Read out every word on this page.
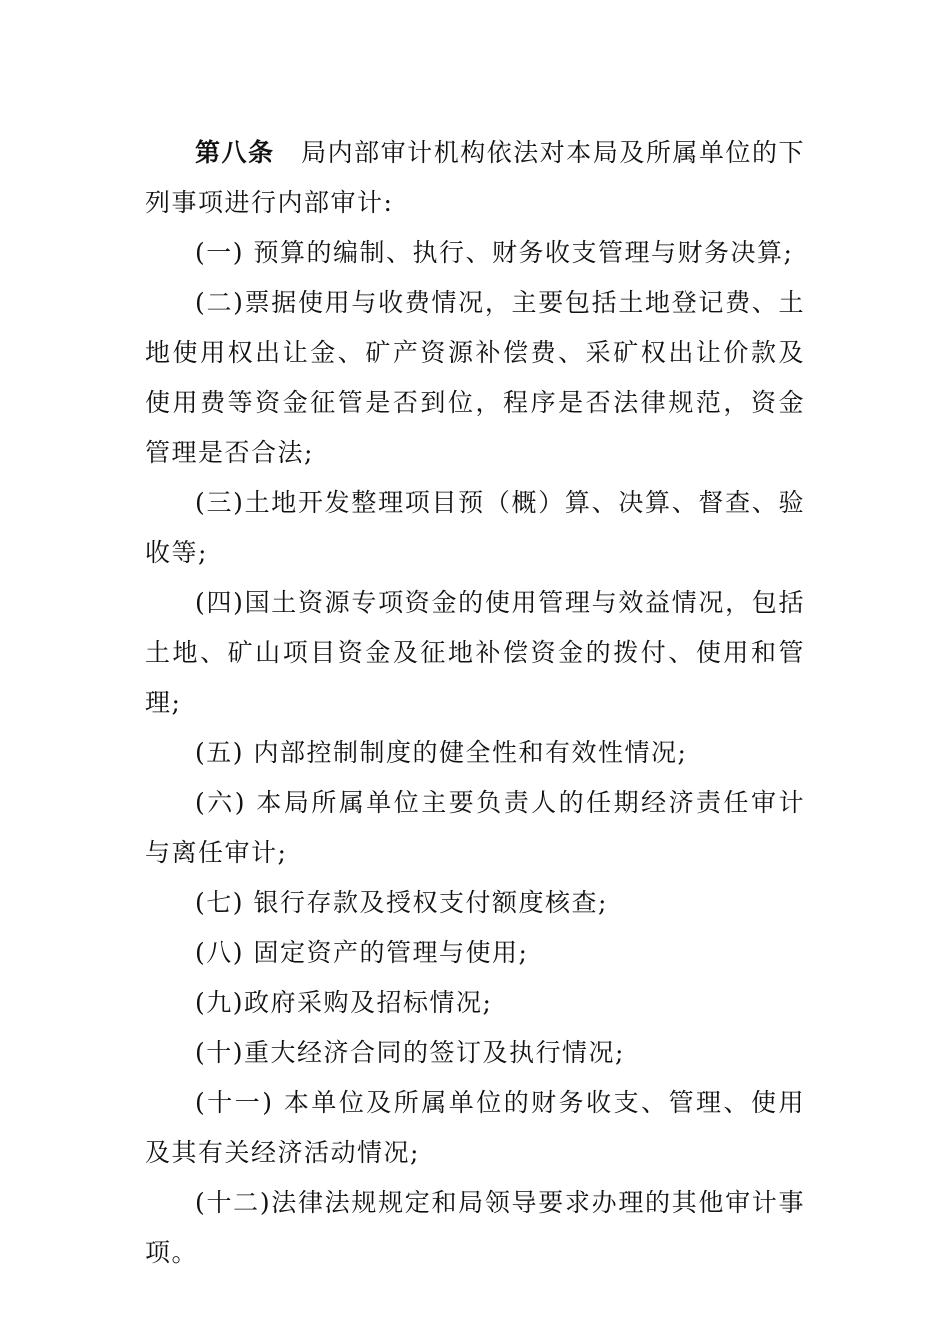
第八条　 局内部审计机构依法对本局及所属单位的下列事项进行内部审计:

(一) 预算的编制、执行、财务收支管理与财务决算;

(二)票据使用与收费情况，主要包括土地登记费、土地使用权出让金、矿产资源补偿费、采矿权出让价款及使用费等资金征管是否到位，程序是否法律规范，资金管理是否合法;

(三)土地开发整理项目预（概）算、决算、督查、验收等;

(四)国土资源专项资金的使用管理与效益情况，包括土地、矿山项目资金及征地补偿资金的拨付、使用和管理;

(五) 内部控制制度的健全性和有效性情况;

(六) 本局所属单位主要负责人的任期经济责任审计与离任审计;

(七) 银行存款及授权支付额度核查;

(八) 固定资产的管理与使用;

(九)政府采购及招标情况;

(十)重大经济合同的签订及执行情况;

(十一) 本单位及所属单位的财务收支、管理、使用及其有关经济活动情况;

(十二)法律法规规定和局领导要求办理的其他审计事项。
